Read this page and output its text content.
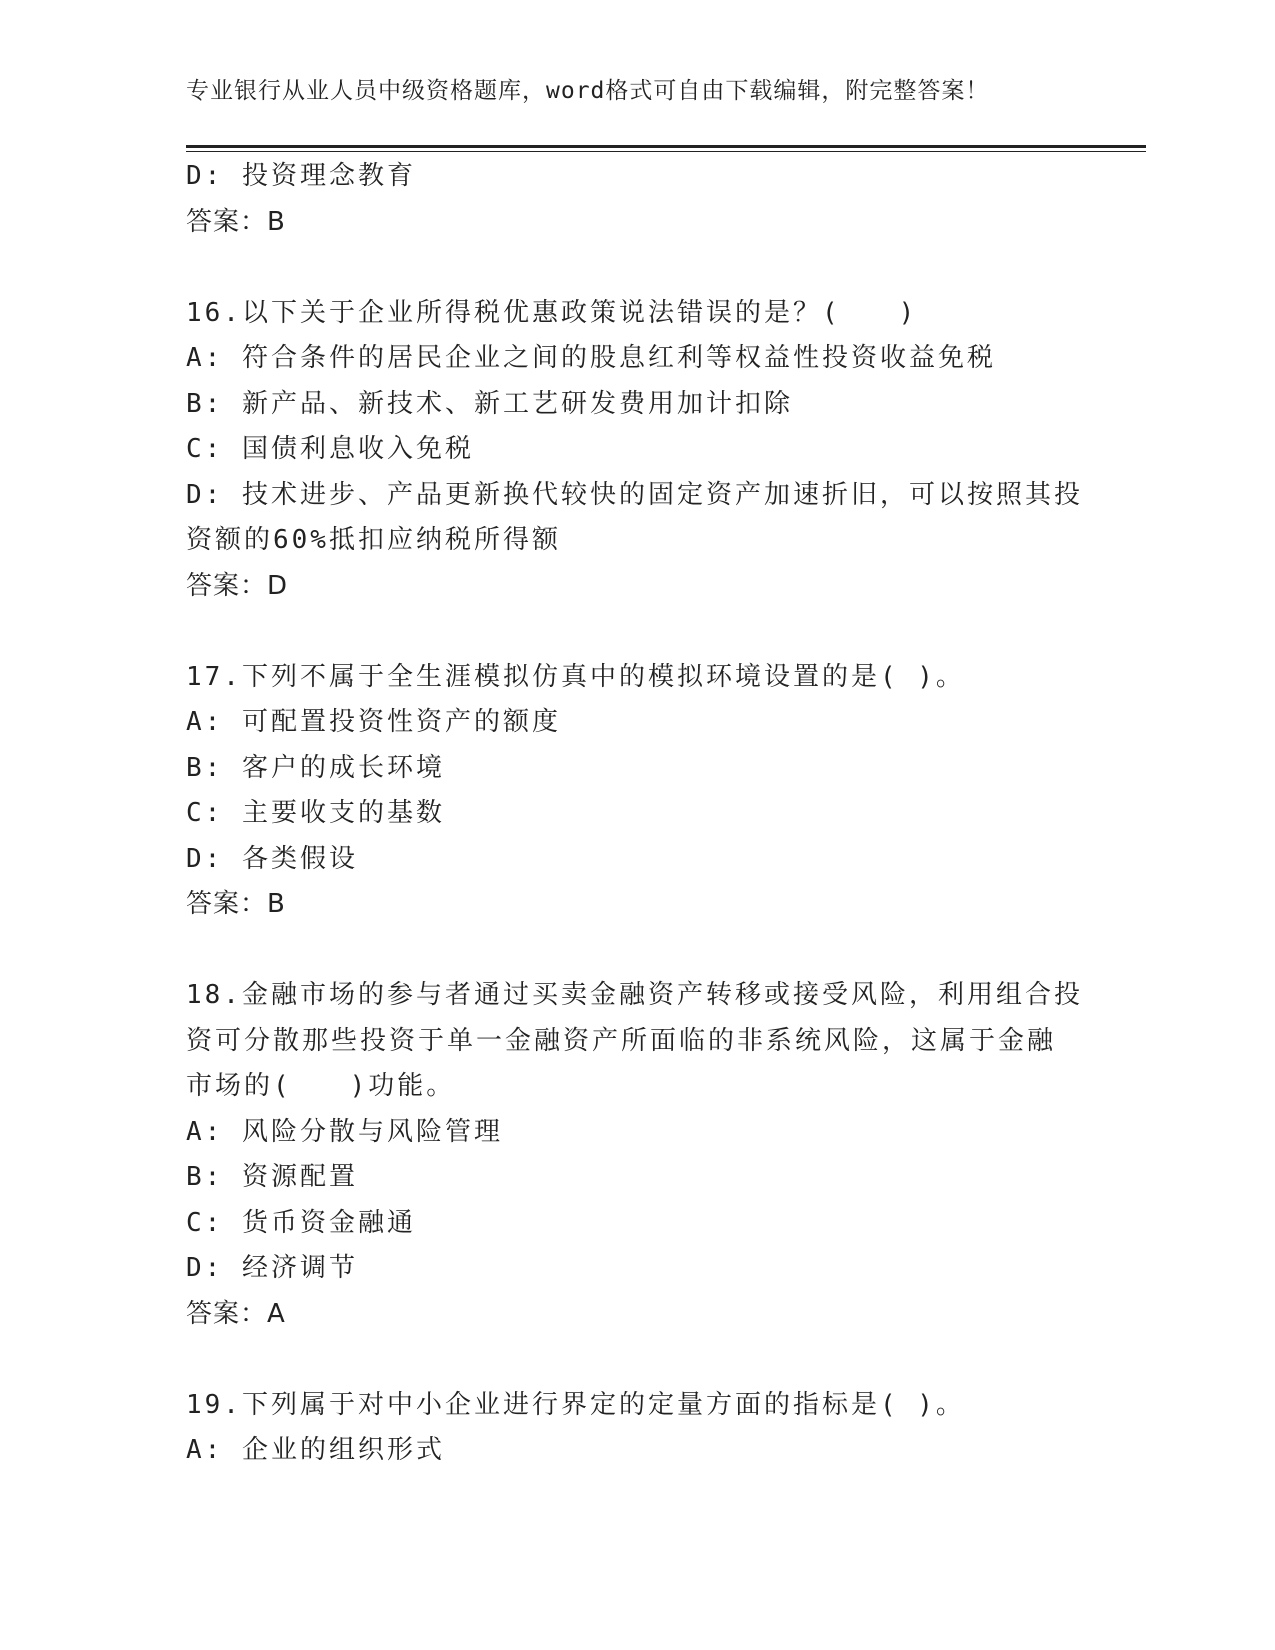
专业银行从业人员中级资格题库，word格式可自由下载编辑，附完整答案！
D: 投资理念教育
答案：B
16.以下关于企业所得税优惠政策说法错误的是？(　　)
A: 符合条件的居民企业之间的股息红利等权益性投资收益免税
B: 新产品、新技术、新工艺研发费用加计扣除
C: 国债利息收入免税
D: 技术进步、产品更新换代较快的固定资产加速折旧，可以按照其投
资额的60%抵扣应纳税所得额
答案：D
17.下列不属于全生涯模拟仿真中的模拟环境设置的是( )。
A: 可配置投资性资产的额度
B: 客户的成长环境
C: 主要收支的基数
D: 各类假设
答案：B
18.金融市场的参与者通过买卖金融资产转移或接受风险，利用组合投
资可分散那些投资于单一金融资产所面临的非系统风险，这属于金融
市场的(　　)功能。
A: 风险分散与风险管理
B: 资源配置
C: 货币资金融通
D: 经济调节
答案：A
19.下列属于对中小企业进行界定的定量方面的指标是( )。
A: 企业的组织形式
